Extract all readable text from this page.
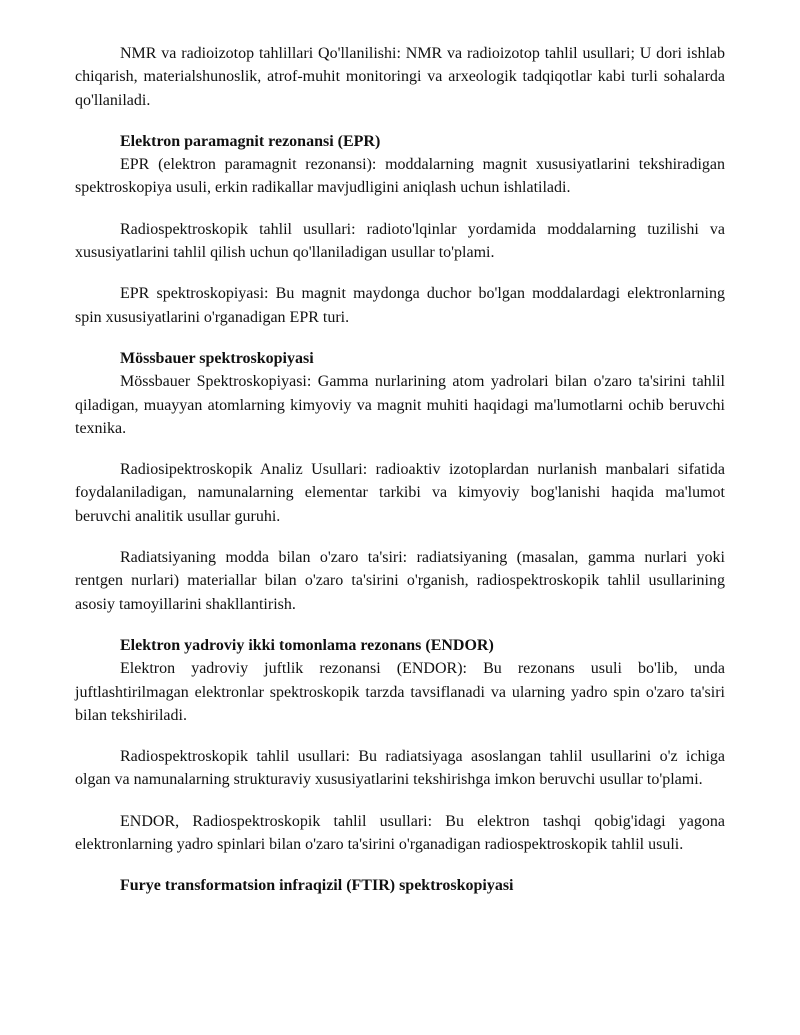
NMR va radioizotop tahlillari Qo'llanilishi: NMR va radioizotop tahlil usullari; U dori ishlab chiqarish, materialshunoslik, atrof-muhit monitoringi va arxeologik tadqiqotlar kabi turli sohalarda qo'llaniladi.

Elektron paramagnit rezonansi (EPR)

EPR (elektron paramagnit rezonansi): moddalarning magnit xususiyatlarini tekshiradigan spektroskopiya usuli, erkin radikallar mavjudligini aniqlash uchun ishlatiladi.

Radiospektroskopik tahlil usullari: radioto'lqinlar yordamida moddalarning tuzilishi va xususiyatlarini tahlil qilish uchun qo'llaniladigan usullar to'plami.

EPR spektroskopiyasi: Bu magnit maydonga duchor bo'lgan moddalardagi elektronlarning spin xususiyatlarini o'rganadigan EPR turi.

Mössbauer spektroskopiyasi

Mössbauer Spektroskopiyasi: Gamma nurlarining atom yadrolari bilan o'zaro ta'sirini tahlil qiladigan, muayyan atomlarning kimyoviy va magnit muhiti haqidagi ma'lumotlarni ochib beruvchi texnika.

Radiosipektroskopik Analiz Usullari: radioaktiv izotoplardan nurlanish manbalari sifatida foydalaniladigan, namunalarning elementar tarkibi va kimyoviy bog'lanishi haqida ma'lumot beruvchi analitik usullar guruhi.

Radiatsiyaning modda bilan o'zaro ta'siri: radiatsiyaning (masalan, gamma nurlari yoki rentgen nurlari) materiallar bilan o'zaro ta'sirini o'rganish, radiospektroskopik tahlil usullarining asosiy tamoyillarini shakllantirish.

Elektron yadroviy ikki tomonlama rezonans (ENDOR)

Elektron yadroviy juftlik rezonansi (ENDOR): Bu rezonans usuli bo'lib, unda juftlashtirilmagan elektronlar spektroskopik tarzda tavsiflanadi va ularning yadro spin o'zaro ta'siri bilan tekshiriladi.

Radiospektroskopik tahlil usullari: Bu radiatsiyaga asoslangan tahlil usullarini o'z ichiga olgan va namunalarning strukturaviy xususiyatlarini tekshirishga imkon beruvchi usullar to'plami.

ENDOR, Radiospektroskopik tahlil usullari: Bu elektron tashqi qobig'idagi yagona elektronlarning yadro spinlari bilan o'zaro ta'sirini o'rganadigan radiospektroskopik tahlil usuli.

Furye transformatsion infraqizil (FTIR) spektroskopiyasi
